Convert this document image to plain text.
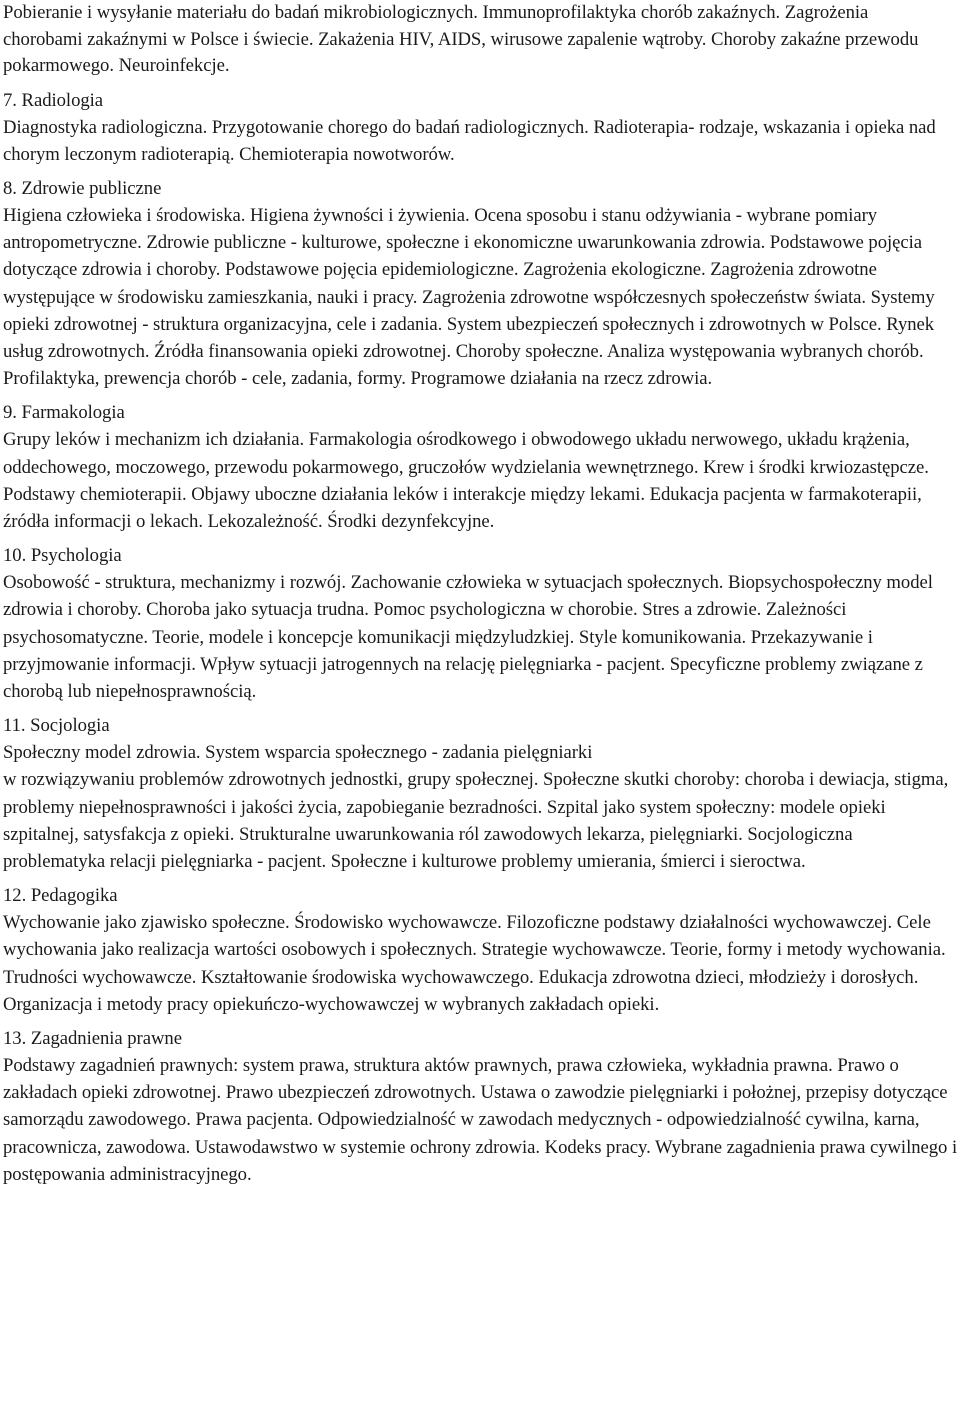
Pobieranie i wysyłanie materiału do badań mikrobiologicznych. Immunoprofilaktyka chorób zakaźnych. Zagrożenia chorobami zakaźnymi w Polsce i świecie. Zakażenia HIV, AIDS, wirusowe zapalenie wątroby. Choroby zakaźne przewodu pokarmowego. Neuroinfekcje.

7. Radiologia

Diagnostyka radiologiczna. Przygotowanie chorego do badań radiologicznych. Radioterapia- rodzaje, wskazania i opieka nad chorym leczonym radioterapią. Chemioterapia nowotworów.

8. Zdrowie publiczne

Higiena człowieka i środowiska. Higiena żywności i żywienia. Ocena sposobu i stanu odżywiania - wybrane pomiary antropometryczne. Zdrowie publiczne - kulturowe, społeczne i ekonomiczne uwarunkowania zdrowia. Podstawowe pojęcia dotyczące zdrowia i choroby. Podstawowe pojęcia epidemiologiczne. Zagrożenia ekologiczne. Zagrożenia zdrowotne występujące w środowisku zamieszkania, nauki i pracy. Zagrożenia zdrowotne współczesnych społeczeństw świata. Systemy opieki zdrowotnej - struktura organizacyjna, cele i zadania. System ubezpieczeń społecznych i zdrowotnych w Polsce. Rynek usług zdrowotnych. Źródła finansowania opieki zdrowotnej. Choroby społeczne. Analiza występowania wybranych chorób. Profilaktyka, prewencja chorób - cele, zadania, formy. Programowe działania na rzecz zdrowia.

9. Farmakologia

Grupy leków i mechanizm ich działania. Farmakologia ośrodkowego i obwodowego układu nerwowego, układu krążenia, oddechowego, moczowego, przewodu pokarmowego, gruczołów wydzielania wewnętrznego. Krew i środki krwiozastępcze. Podstawy chemioterapii. Objawy uboczne działania leków i interakcje między lekami. Edukacja pacjenta w farmakoterapii, źródła informacji o lekach. Lekozależność. Środki dezynfekcyjne.

10. Psychologia

Osobowość - struktura, mechanizmy i rozwój. Zachowanie człowieka w sytuacjach społecznych. Biopsychospołeczny model zdrowia i choroby. Choroba jako sytuacja trudna. Pomoc psychologiczna w chorobie. Stres a zdrowie. Zależności psychosomatyczne. Teorie, modele i koncepcje komunikacji międzyludzkiej. Style komunikowania. Przekazywanie i przyjmowanie informacji. Wpływ sytuacji jatrogennych na relację pielęgniarka - pacjent. Specyficzne problemy związane z chorobą lub niepełnosprawnością.

11. Socjologia

Społeczny model zdrowia. System wsparcia społecznego - zadania pielęgniarki

w rozwiązywaniu problemów zdrowotnych jednostki, grupy społecznej. Społeczne skutki choroby: choroba i dewiacja, stigma, problemy niepełnosprawności i jakości życia, zapobieganie bezradności. Szpital jako system społeczny: modele opieki szpitalnej, satysfakcja z opieki. Strukturalne uwarunkowania ról zawodowych lekarza, pielęgniarki. Socjologiczna problematyka relacji pielęgniarka - pacjent. Społeczne i kulturowe problemy umierania, śmierci i sieroctwa.

12. Pedagogika

Wychowanie jako zjawisko społeczne. Środowisko wychowawcze. Filozoficzne podstawy działalności wychowawczej. Cele wychowania jako realizacja wartości osobowych i społecznych. Strategie wychowawcze. Teorie, formy i metody wychowania. Trudności wychowawcze. Kształtowanie środowiska wychowawczego. Edukacja zdrowotna dzieci, młodzieży i dorosłych. Organizacja i metody pracy opiekuńczo-wychowawczej w wybranych zakładach opieki.

13. Zagadnienia prawne

Podstawy zagadnień prawnych: system prawa, struktura aktów prawnych, prawa człowieka, wykładnia prawna. Prawo o zakładach opieki zdrowotnej. Prawo ubezpieczeń zdrowotnych. Ustawa o zawodzie pielęgniarki i położnej, przepisy dotyczące samorządu zawodowego. Prawa pacjenta. Odpowiedzialność w zawodach medycznych - odpowiedzialność cywilna, karna, pracownicza, zawodowa. Ustawodawstwo w systemie ochrony zdrowia. Kodeks pracy. Wybrane zagadnienia prawa cywilnego i postępowania administracyjnego.
